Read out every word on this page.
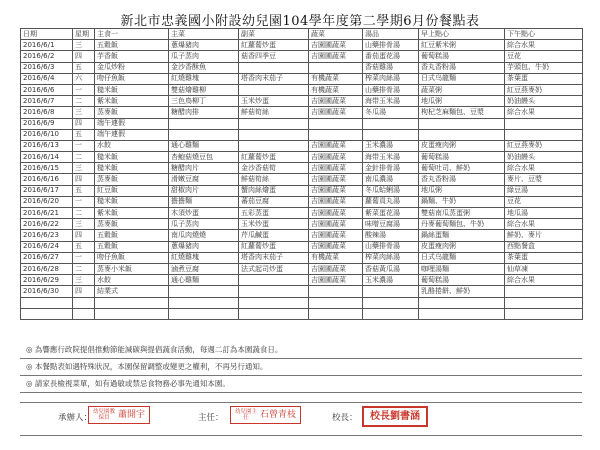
新北市忠義國小附設幼兒園104學年度第二學期6月份餐點表
日期	星期	主食一	主菜	副菜	蔬菜	湯品	早上點心	下午點心
2016/6/1	三	五穀飯	蔥爆豬肉	紅蘿蔔炒蛋	吉園圃蔬菜	山藥排骨湯	紅豆紫米粥	綜合水果
2016/6/2	四	芋香飯	瓜子蒸肉	菇香四季豆	吉園圃蔬菜	番茄蛋花湯	葡萄糕湯	豆花
2016/6/3	五	金瓜炒粉	金沙香酥魚			香菇雞湯	香丸香粉湯	芋頭包、牛奶
2016/6/4	六	吻仔魚飯	紅燒雞塊	塔香肉末茄子	有機蔬菜	榨菜肉絲湯	日式乌龍麵	茶葉蛋
2016/6/6	一	糙米飯	雙菇燴雞柳		有機蔬菜	山藥排骨湯	蔬菜粥	紅豆燕麥奶
2016/6/7	二	紫米飯	三色鳥柳丁	玉米炒蛋	吉園圃蔬菜	海带玉米湯	地瓜粥	奶油饅头
2016/6/8	三	蒸麥飯	糖醋肉排	鮮菇筍絲	吉園圃蔬菜	冬瓜湯	枸杞芝麻麵包、豆漿	綜合水果
2016/6/9	四	端午連假						
2016/6/10	五	端午連假						
2016/6/13	一	水餃	通心雞麵		吉園圃蔬菜	玉米濃湯	皮蛋瘦肉粥	紅豆燕麥奶
2016/6/14	二	糙米飯	杏鮑菇燒豆包	紅蘿蔔炒蛋	吉園圃蔬菜	海带玉米湯	葡萄糕湯	奶油饅头
2016/6/15	三	糙米飯	糖醋肉片	金沙香菇筍	吉園圃蔬菜	金針排骨湯	葡萄吐司、鮮奶	綜合水果
2016/6/16	四	蒸麥飯	滑嫩豆腐	鮮菇筍絲	吉園圃蔬菜	南瓜濃湯	香丸香粉湯	麥片、豆漿
2016/6/17	五	紅豆飯	甜椒肉片	蟹肉絲燴蛋	吉園圃蔬菜	冬瓜蛤蜊湯	地瓜粥	綠豆湯
2016/6/20	一	糙米飯	擔擔麵	蕃茄豆腐	吉園圃蔬菜	蘿蔔貢丸湯	鍋麵、牛奶	豆花
2016/6/21	二	紫米飯	木須炒蛋	五彩蒸蛋	吉園圃蔬菜	紫菜蛋花湯	雙菇南瓜蒸蛋粥	地瓜湯
2016/6/22	三	蒸麥飯	瓜子蒸肉	玉米炒蛋	吉園圃蔬菜	味噌豆腐湯	丹麥葡萄麵包、牛奶	綜合水果
2016/6/23	四	五穀飯	南瓜肉燒燒	芹瓜鹹蛋	吉園圃蔬菜	酸辣湯	鍋絲蛋麵	鮮奶、麥片
2016/6/24	五	五穀飯	蔥爆豬肉	紅蘿蔔炒蛋	吉園圃蔬菜	山藥排骨湯	皮蛋瘦肉粥	西點餐盒
2016/6/27	一	吻仔魚飯	紅燒雞塊	塔香肉末茄子	有機蔬菜	榨菜肉絲湯	日式乌龍麵	茶葉蛋
2016/6/28	二	蒸麥小米飯	滷煮豆腐	法式起司炒蛋	吉園圃蔬菜	香菇黃瓜湯	咖哩湯麵	仙草凍
2016/6/29	三	水餃	通心雞麵		吉園圃蔬菜	玉米濃湯	葡萄糕湯	綜合水果
2016/6/30	四	結業式					乳酪捲餅、鮮奶	

◎ 為響應行政院提倡推動節能減碳與提倡蔬食活動，每週二訂為本園蔬食日。
◎ 本餐點表如遇特殊狀況，本園保留調整或變更之權利，不再另行通知。
◎ 請家長檢視菜單，如有過敏或禁忌食物務必事先通知本園。
承辦人：
幼兒園教保員 蕭開宇	主任：
幼兒園主任	石曾青枝	校長：	校長劉書涵
